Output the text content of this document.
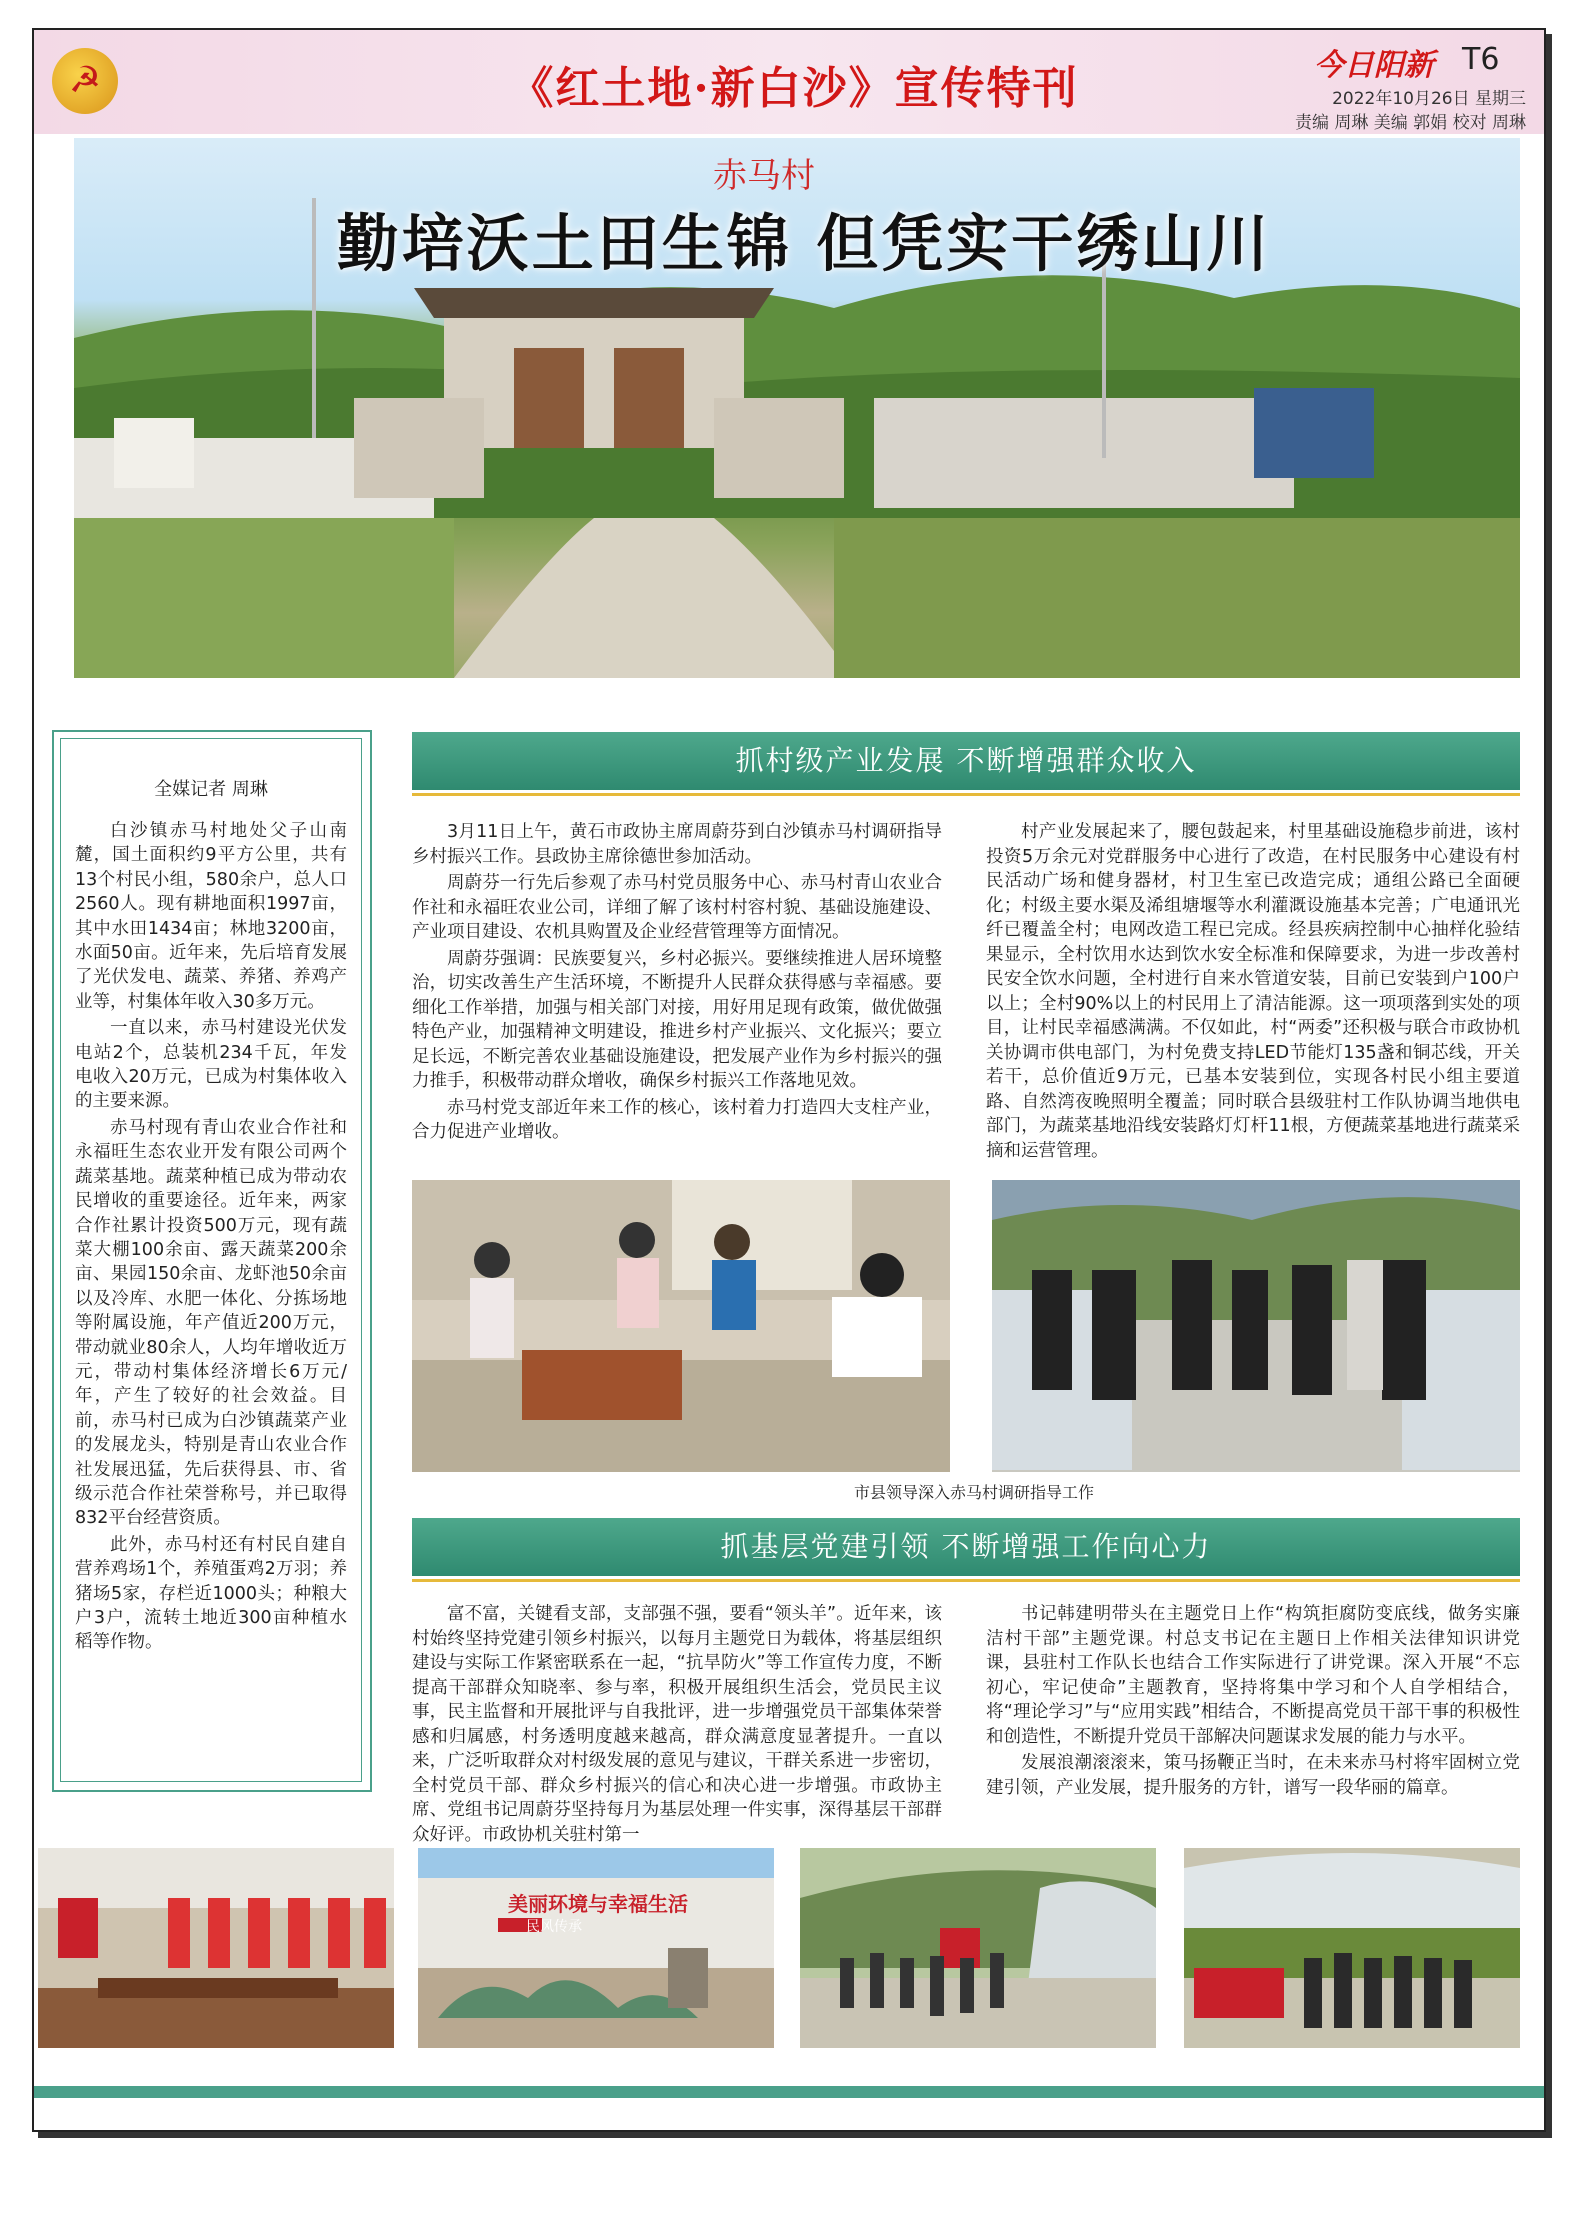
☭	《红土地·新白沙》宣传特刊	今日阳新 T6
2022年10月26日 星期三
责编 周琳 美编 郭娟 校对 周琳
赤马村
勤培沃土田生锦 但凭实干绣山川
全媒记者 周琳

白沙镇赤马村地处父子山南麓，国土面积约9平方公里，共有13个村民小组，580余户，总人口2560人。现有耕地面积1997亩，其中水田1434亩；林地3200亩，水面50亩。近年来，先后培育发展了光伏发电、蔬菜、养猪、养鸡产业等，村集体年收入30多万元。

一直以来，赤马村建设光伏发电站2个，总装机234千瓦，年发电收入20万元，已成为村集体收入的主要来源。

赤马村现有青山农业合作社和永福旺生态农业开发有限公司两个蔬菜基地。蔬菜种植已成为带动农民增收的重要途径。近年来，两家合作社累计投资500万元，现有蔬菜大棚100余亩、露天蔬菜200余亩、果园150余亩、龙虾池50余亩以及冷库、水肥一体化、分拣场地等附属设施，年产值近200万元，带动就业80余人，人均年增收近万元，带动村集体经济增长6万元/年，产生了较好的社会效益。目前，赤马村已成为白沙镇蔬菜产业的发展龙头，特别是青山农业合作社发展迅猛，先后获得县、市、省级示范合作社荣誉称号，并已取得832平台经营资质。

此外，赤马村还有村民自建自营养鸡场1个，养殖蛋鸡2万羽；养猪场5家，存栏近1000头；种粮大户3户，流转土地近300亩种植水稻等作物。

抓村级产业发展 不断增强群众收入

3月11日上午，黄石市政协主席周蔚芬到白沙镇赤马村调研指导乡村振兴工作。县政协主席徐德世参加活动。

周蔚芬一行先后参观了赤马村党员服务中心、赤马村青山农业合作社和永福旺农业公司，详细了解了该村村容村貌、基础设施建设、产业项目建设、农机具购置及企业经营管理等方面情况。

周蔚芬强调：民族要复兴，乡村必振兴。要继续推进人居环境整治，切实改善生产生活环境，不断提升人民群众获得感与幸福感。要细化工作举措，加强与相关部门对接，用好用足现有政策，做优做强特色产业，加强精神文明建设，推进乡村产业振兴、文化振兴；要立足长远，不断完善农业基础设施建设，把发展产业作为乡村振兴的强力推手，积极带动群众增收，确保乡村振兴工作落地见效。

赤马村党支部近年来工作的核心，该村着力打造四大支柱产业，合力促进产业增收。

村产业发展起来了，腰包鼓起来，村里基础设施稳步前进，该村投资5万余元对党群服务中心进行了改造，在村民服务中心建设有村民活动广场和健身器材，村卫生室已改造完成；通组公路已全面硬化；村级主要水渠及浠组塘堰等水利灌溉设施基本完善；广电通讯光纤已覆盖全村；电网改造工程已完成。经县疾病控制中心抽样化验结果显示，全村饮用水达到饮水安全标准和保障要求，为进一步改善村民安全饮水问题，全村进行自来水管道安装，目前已安装到户100户以上；全村90%以上的村民用上了清洁能源。这一项项落到实处的项目，让村民幸福感满满。不仅如此，村“两委”还积极与联合市政协机关协调市供电部门，为村免费支持LED节能灯135盏和铜芯线，开关若干，总价值近9万元，已基本安装到位，实现各村民小组主要道路、自然湾夜晚照明全覆盖；同时联合县级驻村工作队协调当地供电部门，为蔬菜基地沿线安装路灯灯杆11根，方便蔬菜基地进行蔬菜采摘和运营管理。

市县领导深入赤马村调研指导工作
抓基层党建引领 不断增强工作向心力

富不富，关键看支部，支部强不强，要看“领头羊”。近年来，该村始终坚持党建引领乡村振兴，以每月主题党日为载体，将基层组织建设与实际工作紧密联系在一起，“抗旱防火”等工作宣传力度，不断提高干部群众知晓率、参与率，积极开展组织生活会，党员民主议事，民主监督和开展批评与自我批评，进一步增强党员干部集体荣誉感和归属感，村务透明度越来越高，群众满意度显著提升。一直以来，广泛听取群众对村级发展的意见与建议，干群关系进一步密切，全村党员干部、群众乡村振兴的信心和决心进一步增强。市政协主席、党组书记周蔚芬坚持每月为基层处理一件实事，深得基层干部群众好评。市政协机关驻村第一

书记韩建明带头在主题党日上作“构筑拒腐防变底线，做务实廉洁村干部”主题党课。村总支书记在主题日上作相关法律知识讲党课，县驻村工作队长也结合工作实际进行了讲党课。深入开展“不忘初心，牢记使命”主题教育，坚持将集中学习和个人自学相结合，将“理论学习”与“应用实践”相结合，不断提高党员干部干事的积极性和创造性，不断提升党员干部解决问题谋求发展的能力与水平。

发展浪潮滚滚来，策马扬鞭正当时，在未来赤马村将牢固树立党建引领，产业发展，提升服务的方针，谱写一段华丽的篇章。

美丽环境与幸福生活
民风传承
